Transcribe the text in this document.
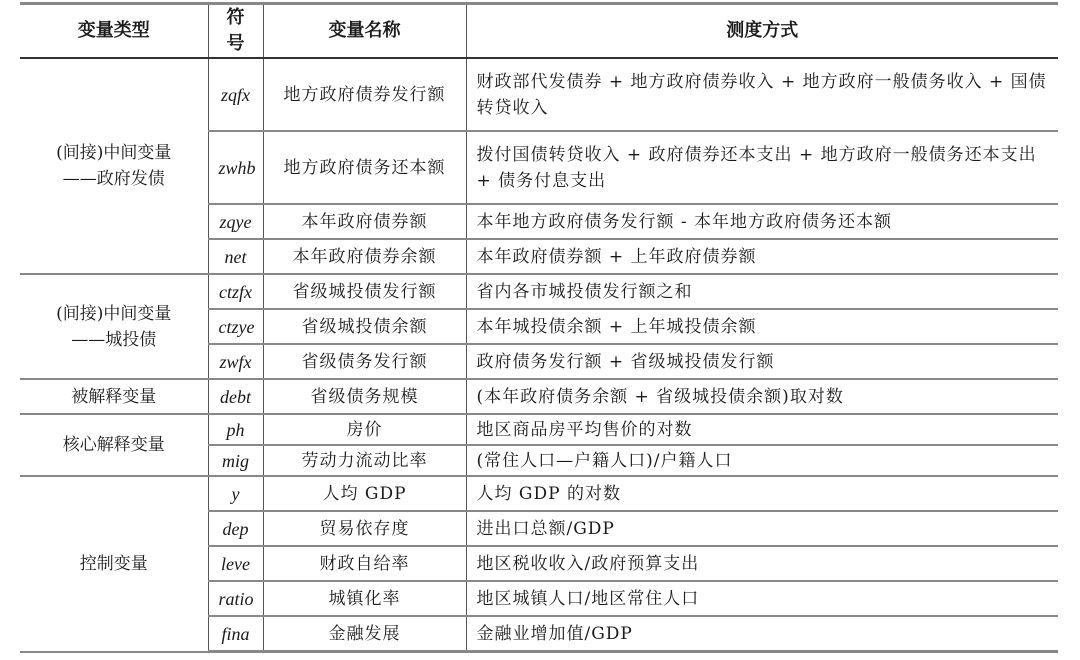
变量类型	符号	变量名称	测度方式

(间接)中间变量
——政府发债	zqfx	地方政府债券发行额	财政部代发债券 + 地方政府债券收入 + 地方政府一般债务收入 + 国债转贷收入
	zwhb	地方政府债务还本额	拨付国债转贷收入 + 政府债券还本支出 + 地方政府一般债务还本支出 + 债务付息支出
	zqye	本年政府债券额	本年地方政府债务发行额 - 本年地方政府债务还本额
	net	本年政府债券余额	本年政府债券额 + 上年政府债券额

(间接)中间变量
——城投债	ctzfx	省级城投债发行额	省内各市城投债发行额之和
	ctzye	省级城投债余额	本年城投债余额 + 上年城投债余额
	zwfx	省级债务发行额	政府债务发行额 + 省级城投债发行额
被解释变量	debt	省级债务规模	(本年政府债务余额 + 省级城投债余额)取对数
核心解释变量	ph	房价	地区商品房平均售价的对数
	mig	劳动力流动比率	(常住人口—户籍人口)/户籍人口
控制变量	y	人均 GDP	人均 GDP 的对数
	dep	贸易依存度	进出口总额/GDP
	leve	财政自给率	地区税收收入/政府预算支出
	ratio	城镇化率	地区城镇人口/地区常住人口
	fina	金融发展	金融业增加值/GDP
